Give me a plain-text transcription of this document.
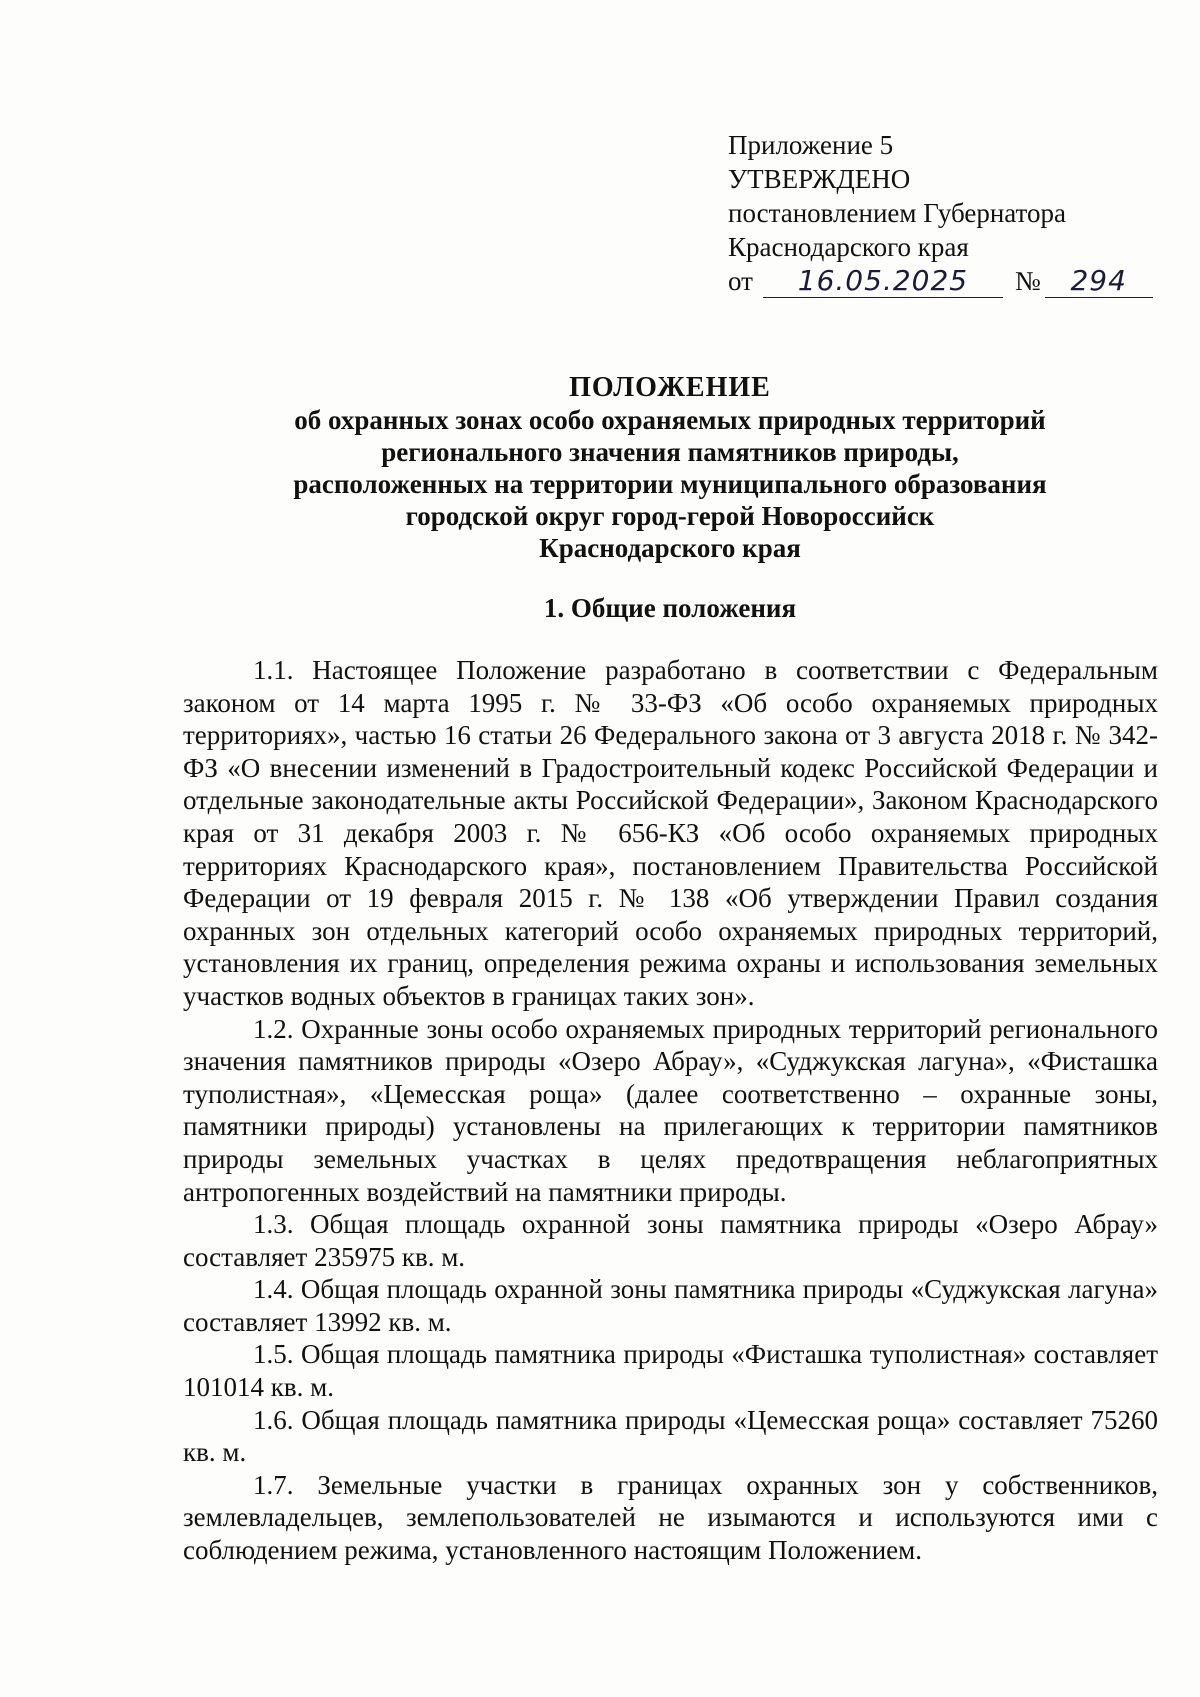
Приложение 5

УТВЕРЖДЕНО

постановлением Губернатора

Краснодарского края

от	16.05.2025	№	294
ПОЛОЖЕНИЕ
об охранных зонах особо охраняемых природных территорий
регионального значения памятников природы,
расположенных на территории муниципального образования
городской округ город-герой Новороссийск
Краснодарского края
1. Общие положения

1.1. Настоящее Положение разработано в соответствии с Федеральным законом от 14 марта 1995 г. № 33-ФЗ «Об особо охраняемых природных территориях», частью 16 статьи 26 Федерального закона от 3 августа 2018 г. № 342-ФЗ «О внесении изменений в Градостроительный кодекс Российской Федерации и отдельные законодательные акты Российской Федерации», Законом Краснодарского края от 31 декабря 2003 г. № 656-КЗ «Об особо охраняемых природных территориях Краснодарского края», постановлением Правительства Российской Федерации от 19 февраля 2015 г. № 138 «Об утверждении Правил создания охранных зон отдельных категорий особо охраняемых природных территорий, установления их границ, определения режима охраны и использования земельных участков водных объектов в границах таких зон».

1.2. Охранные зоны особо охраняемых природных территорий регионального значения памятников природы «Озеро Абрау», «Суджукская лагуна», «Фисташка туполистная», «Цемесская роща» (далее соответственно – охранные зоны, памятники природы) установлены на прилегающих к территории памятников природы земельных участках в целях предотвращения неблагоприятных антропогенных воздействий на памятники природы.

1.3. Общая площадь охранной зоны памятника природы «Озеро Абрау» составляет 235975 кв. м.

1.4. Общая площадь охранной зоны памятника природы «Суджукская лагуна» составляет 13992 кв. м.

1.5. Общая площадь памятника природы «Фисташка туполистная» составляет 101014 кв. м.

1.6. Общая площадь памятника природы «Цемесская роща» составляет 75260 кв. м.

1.7. Земельные участки в границах охранных зон у собственников, землевладельцев, землепользователей не изымаются и используются ими с соблюдением режима, установленного настоящим Положением.
